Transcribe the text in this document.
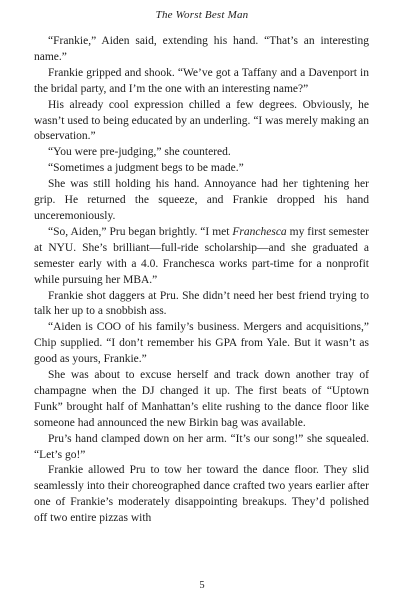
The Worst Best Man

“Frankie,” Aiden said, extending his hand. “That’s an interesting name.”

Frankie gripped and shook. “We’ve got a Taffany and a Davenport in the bridal party, and I’m the one with an interesting name?”

His already cool expression chilled a few degrees. Obviously, he wasn’t used to being educated by an underling. “I was merely making an observation.”

“You were pre-judging,” she countered.

“Sometimes a judgment begs to be made.”

She was still holding his hand. Annoyance had her tightening her grip. He returned the squeeze, and Frankie dropped his hand unceremoniously.

“So, Aiden,” Pru began brightly. “I met Franchesca my first semester at NYU. She’s brilliant—full-ride scholarship—and she graduated a semester early with a 4.0. Franchesca works part-time for a nonprofit while pursuing her MBA.”

Frankie shot daggers at Pru. She didn’t need her best friend trying to talk her up to a snobbish ass.

“Aiden is COO of his family’s business. Mergers and acquisitions,” Chip supplied. “I don’t remember his GPA from Yale. But it wasn’t as good as yours, Frankie.”

She was about to excuse herself and track down another tray of champagne when the DJ changed it up. The first beats of “Uptown Funk” brought half of Manhattan’s elite rushing to the dance floor like someone had announced the new Birkin bag was available.

Pru’s hand clamped down on her arm. “It’s our song!” she squealed. “Let’s go!”

Frankie allowed Pru to tow her toward the dance floor. They slid seamlessly into their choreographed dance crafted two years earlier after one of Frankie’s moderately disappointing breakups. They’d polished off two entire pizzas with

5
